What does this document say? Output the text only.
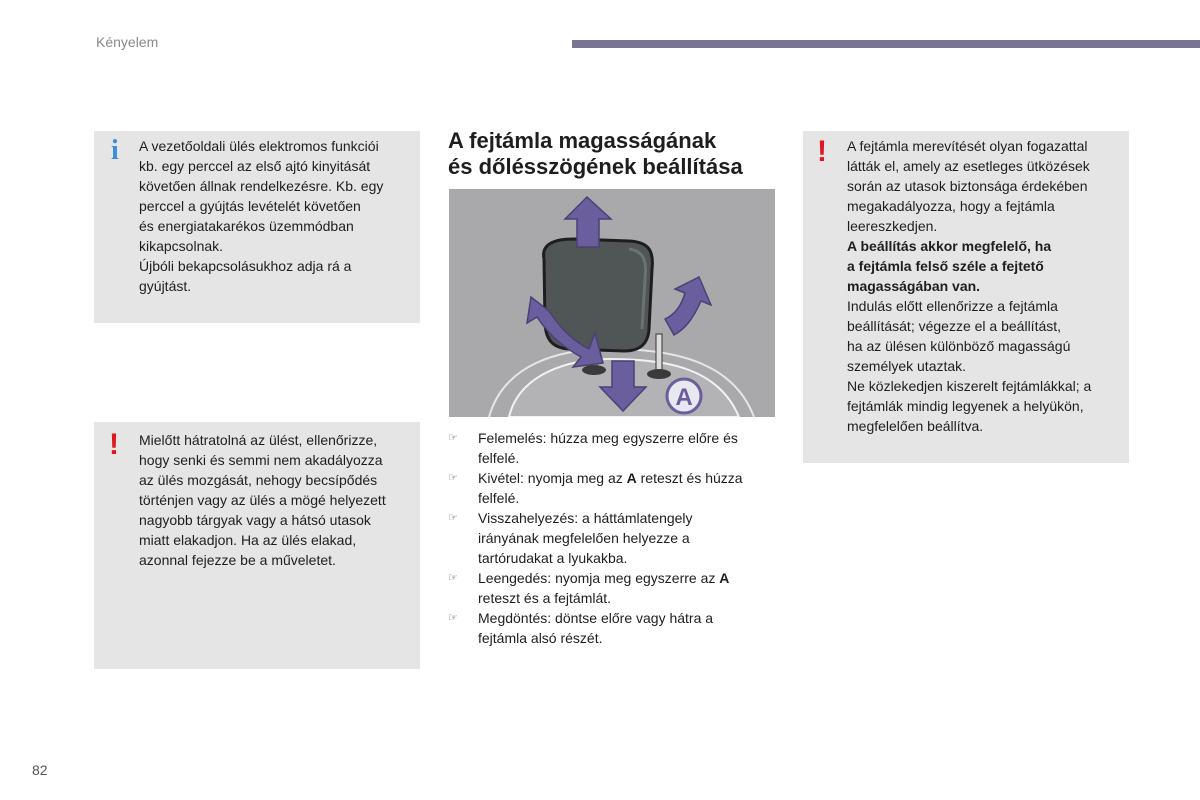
Kényelem
i A vezetőoldali ülés elektromos funkciói

kb. egy perccel az első ajtó kinyitását

követően állnak rendelkezésre. Kb. egy

perccel a gyújtás levételét követően

és energiatakarékos üzemmódban

kikapcsolnak.

Újbóli bekapcsolásukhoz adja rá a

gyújtást.

! Mielőtt hátratolná az ülést, ellenőrizze,

hogy senki és semmi nem akadályozza

az ülés mozgását, nehogy becsípődés

történjen vagy az ülés a mögé helyezett

nagyobb tárgyak vagy a hátsó utasok

miatt elakadjon. Ha az ülés elakad,

azonnal fejezze be a műveletet.

A fejtámla magasságának
és dőlésszögének beállítása
A
☞ Felemelés: húzza meg egyszerre előre és
felfelé.
☞ Kivétel: nyomja meg az A reteszt és húzza
felfelé.
☞ Visszahelyezés: a háttámlatengely
irányának megfelelően helyezze a
tartórudakat a lyukakba.
☞ Leengedés: nyomja meg egyszerre az A
reteszt és a fejtámlát.
☞ Megdöntés: döntse előre vagy hátra a
fejtámla alsó részét.
! A fejtámla merevítését olyan fogazattal

látták el, amely az esetleges ütközések

során az utasok biztonsága érdekében

megakadályozza, hogy a fejtámla

leereszkedjen.

A beállítás akkor megfelelő, ha

a fejtámla felső széle a fejtető

magasságában van.

Indulás előtt ellenőrizze a fejtámla

beállítását; végezze el a beállítást,

ha az ülésen különböző magasságú

személyek utaztak.

Ne közlekedjen kiszerelt fejtámlákkal; a

fejtámlák mindig legyenek a helyükön,

megfelelően beállítva.

82
